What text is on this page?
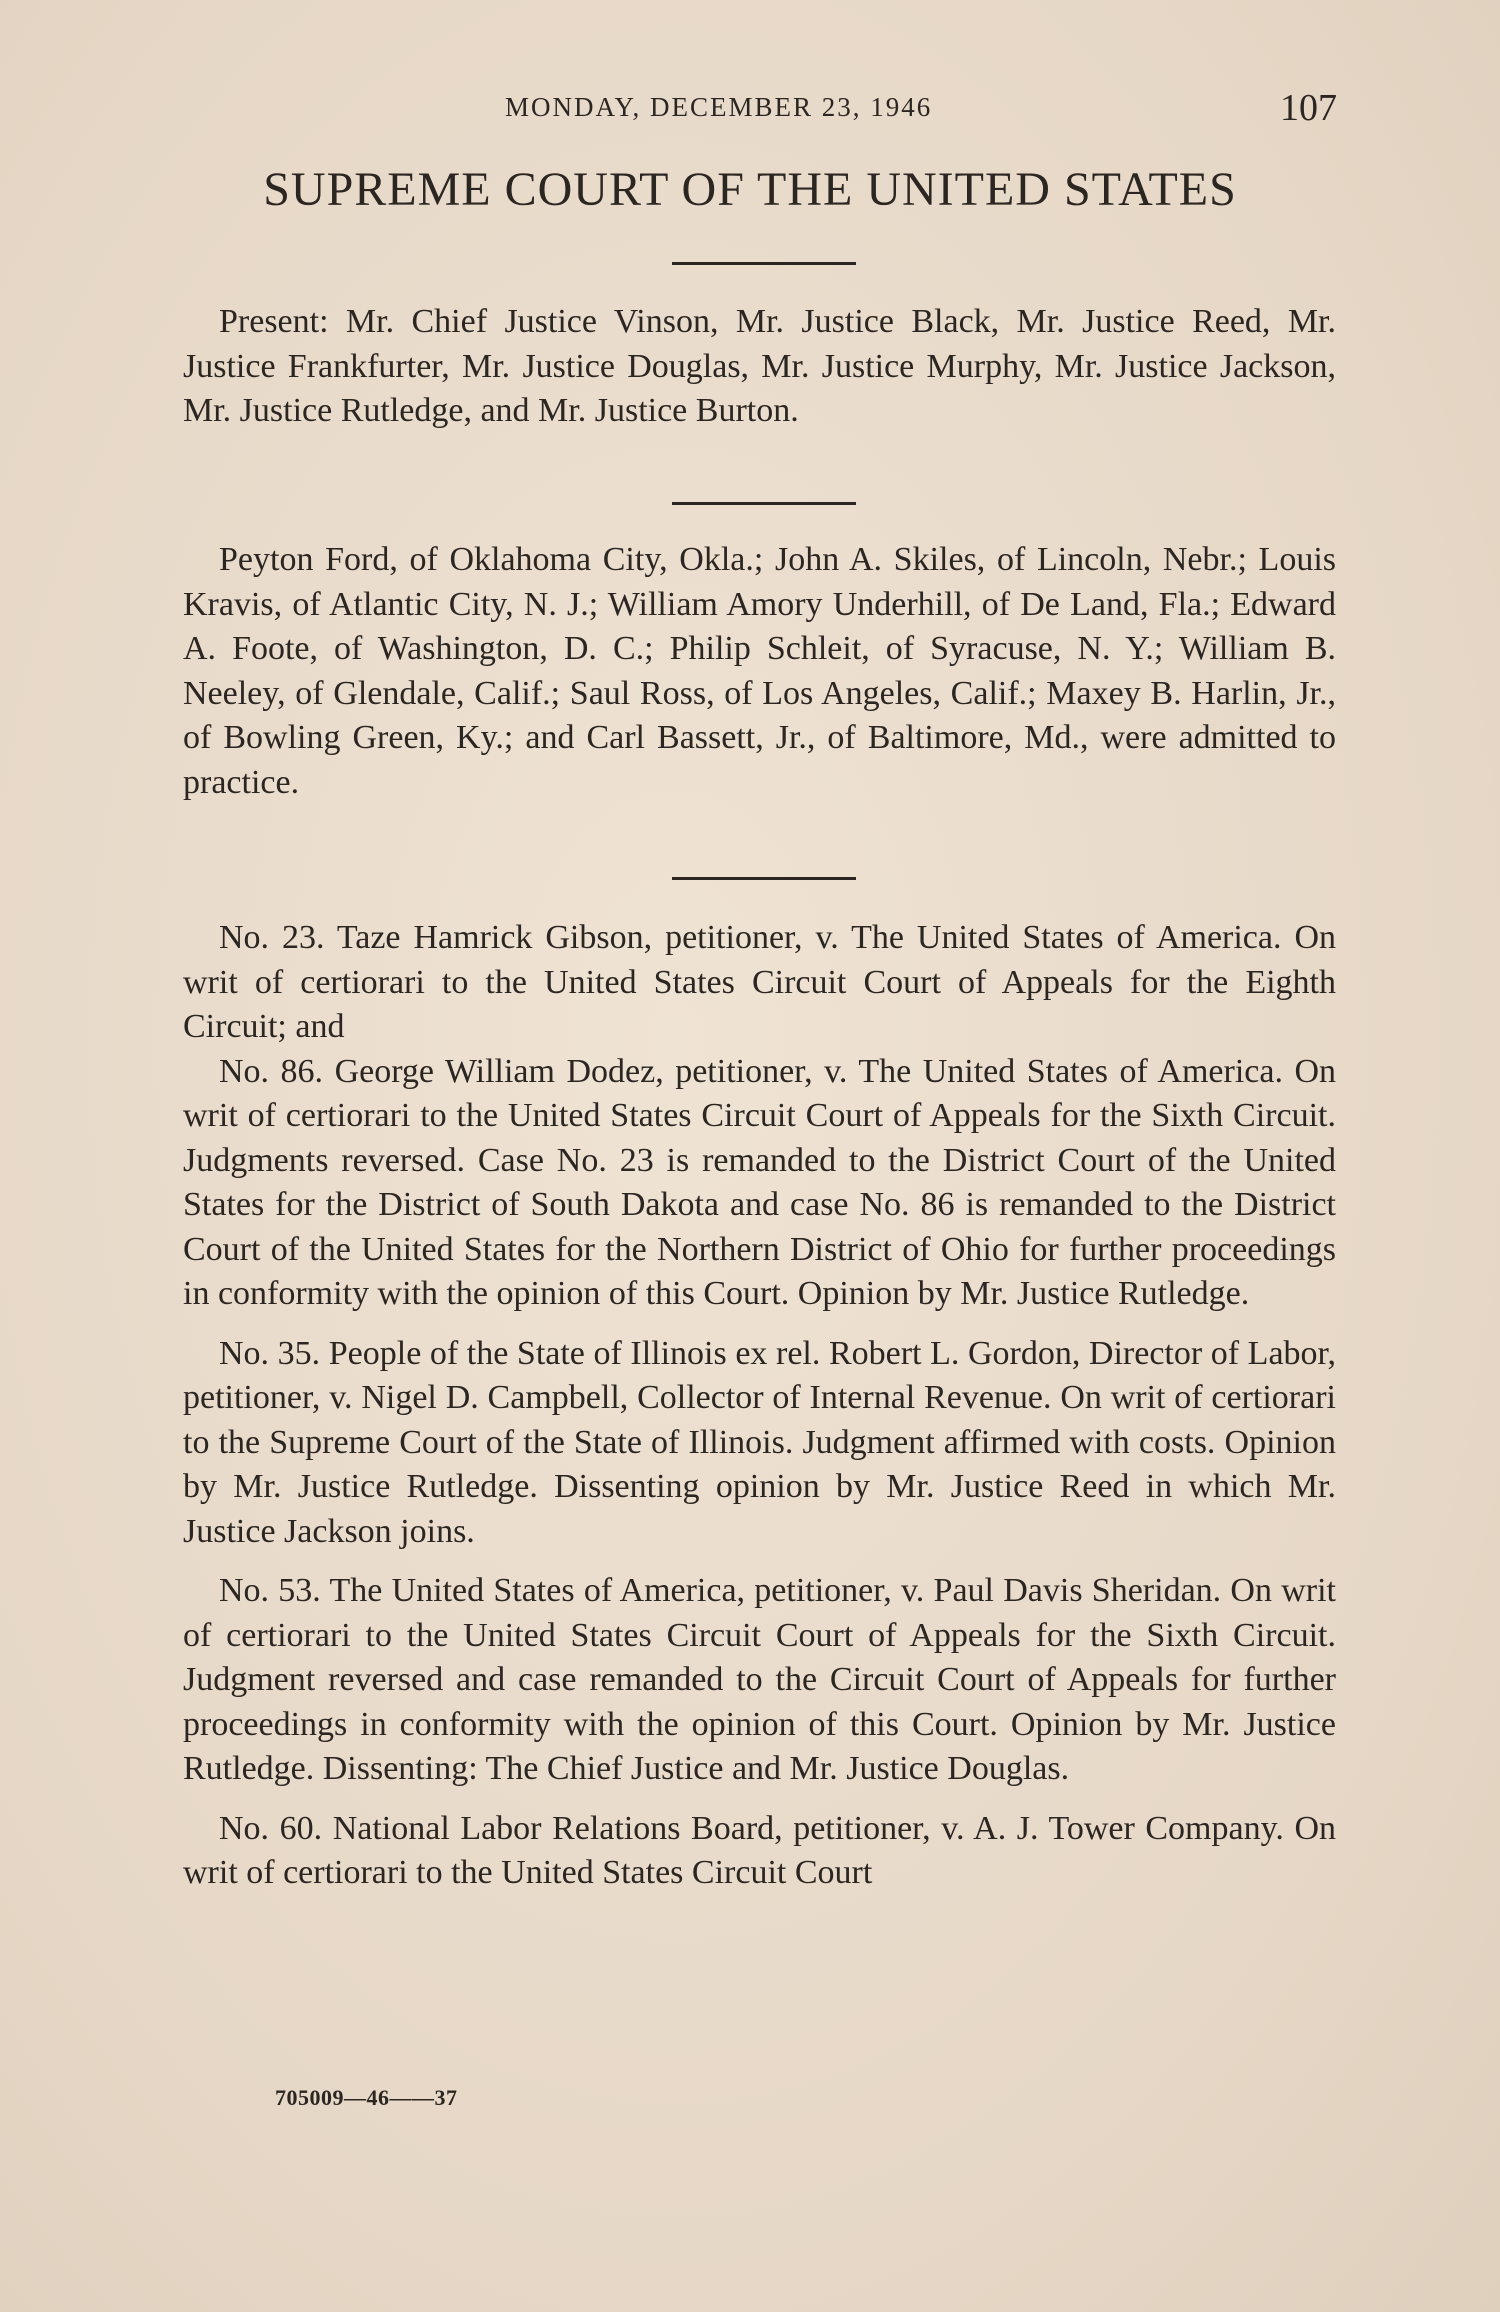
MONDAY, DECEMBER 23, 1946	107
SUPREME COURT OF THE UNITED STATES

Present: Mr. Chief Justice Vinson, Mr. Justice Black, Mr. Justice Reed, Mr. Justice Frankfurter, Mr. Justice Douglas, Mr. Justice Murphy, Mr. Justice Jackson, Mr. Justice Rutledge, and Mr. Justice Burton.

Peyton Ford, of Oklahoma City, Okla.; John A. Skiles, of Lincoln, Nebr.; Louis Kravis, of Atlantic City, N. J.; William Amory Underhill, of De Land, Fla.; Edward A. Foote, of Washington, D. C.; Philip Schleit, of Syracuse, N. Y.; William B. Neeley, of Glendale, Calif.; Saul Ross, of Los Angeles, Calif.; Maxey B. Harlin, Jr., of Bowling Green, Ky.; and Carl Bassett, Jr., of Baltimore, Md., were admitted to practice.

No. 23. Taze Hamrick Gibson, petitioner, v. The United States of America. On writ of certiorari to the United States Circuit Court of Appeals for the Eighth Circuit; and

No. 86. George William Dodez, petitioner, v. The United States of America. On writ of certiorari to the United States Circuit Court of Appeals for the Sixth Circuit. Judgments reversed. Case No. 23 is remanded to the District Court of the United States for the District of South Dakota and case No. 86 is remanded to the District Court of the United States for the Northern District of Ohio for further proceedings in conformity with the opinion of this Court. Opinion by Mr. Justice Rutledge.

No. 35. People of the State of Illinois ex rel. Robert L. Gordon, Director of Labor, petitioner, v. Nigel D. Campbell, Collector of Internal Revenue. On writ of certiorari to the Supreme Court of the State of Illinois. Judgment affirmed with costs. Opinion by Mr. Justice Rutledge. Dissenting opinion by Mr. Justice Reed in which Mr. Justice Jackson joins.

No. 53. The United States of America, petitioner, v. Paul Davis Sheridan. On writ of certiorari to the United States Circuit Court of Appeals for the Sixth Circuit. Judgment reversed and case remanded to the Circuit Court of Appeals for further proceedings in conformity with the opinion of this Court. Opinion by Mr. Justice Rutledge. Dissenting: The Chief Justice and Mr. Justice Douglas.

No. 60. National Labor Relations Board, petitioner, v. A. J. Tower Company. On writ of certiorari to the United States Circuit Court

705009—46——37
